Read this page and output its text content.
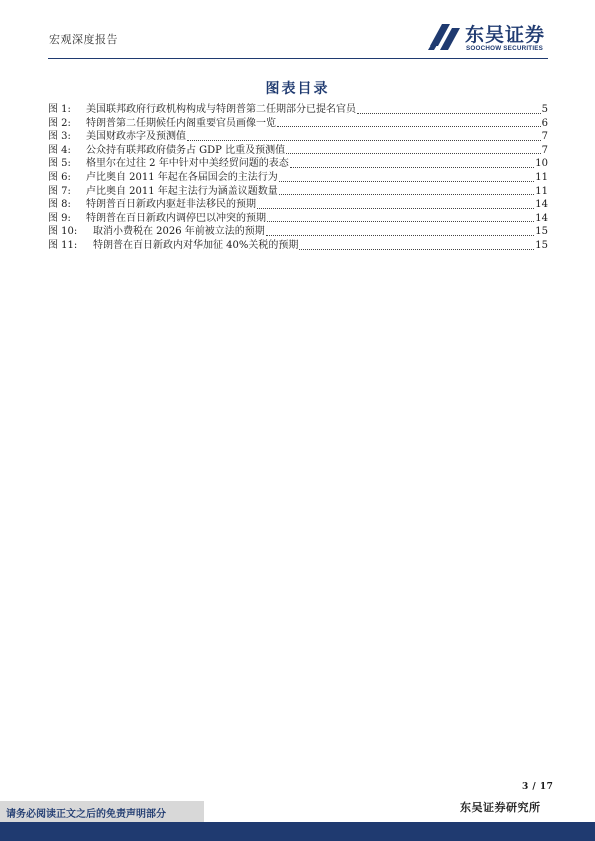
宏观深度报告	东吴证券
SOOCHOW SECURITIES
图表目录
图 1:	美国联邦政府行政机构构成与特朗普第二任期部分已提名官员	5
图 2:	特朗普第二任期候任内阁重要官员画像一览	6
图 3:	美国财政赤字及预测值	7
图 4:	公众持有联邦政府债务占 GDP 比重及预测值	7
图 5:	格里尔在过往 2 年中针对中美经贸问题的表态	10
图 6:	卢比奥自 2011 年起在各届国会的主法行为	11
图 7:	卢比奥自 2011 年起主法行为涵盖议题数量	11
图 8:	特朗普百日新政内驱赶非法移民的预期	14
图 9:	特朗普在百日新政内调停巴以冲突的预期	14
图 10:	取消小费税在 2026 年前被立法的预期	15
图 11:	特朗普在百日新政内对华加征 40%关税的预期	15
3 / 17
东吴证券研究所
请务必阅读正文之后的免责声明部分
